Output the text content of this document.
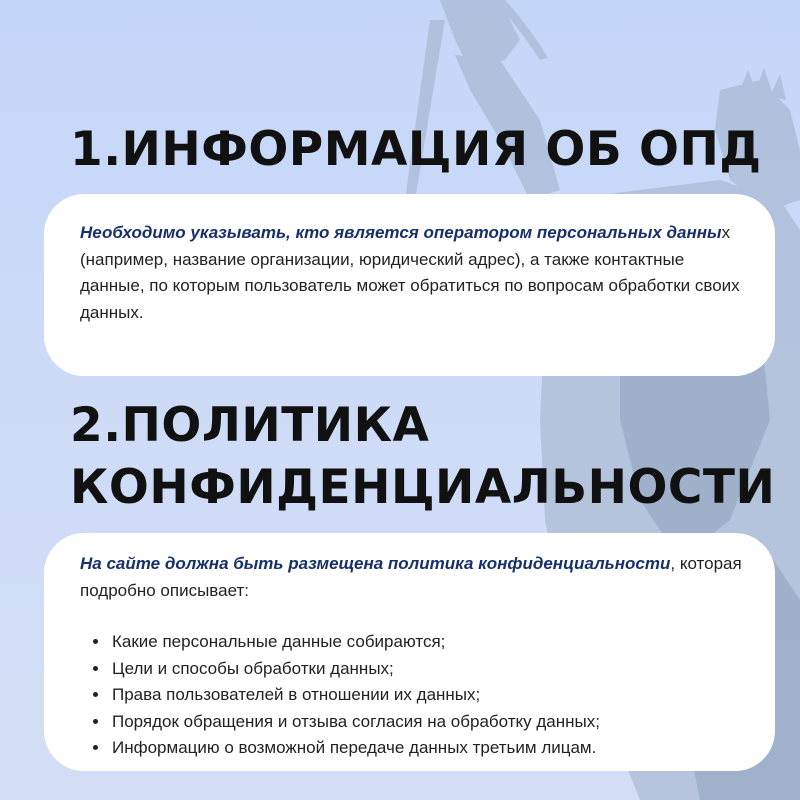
1.ИНФОРМАЦИЯ ОБ ОПД
Необходимо указывать, кто является оператором персональных данных (например, название организации, юридический адрес), а также контактные данные, по которым пользователь может обратиться по вопросам обработки своих данных.
2.ПОЛИТИКА
КОНФИДЕНЦИАЛЬНОСТИ
На сайте должна быть размещена политика конфиденциальности, которая подробно описывает:
• Какие персональные данные собираются;
• Цели и способы обработки данных;
• Права пользователей в отношении их данных;
• Порядок обращения и отзыва согласия на обработку данных;
• Информацию о возможной передаче данных третьим лицам.
